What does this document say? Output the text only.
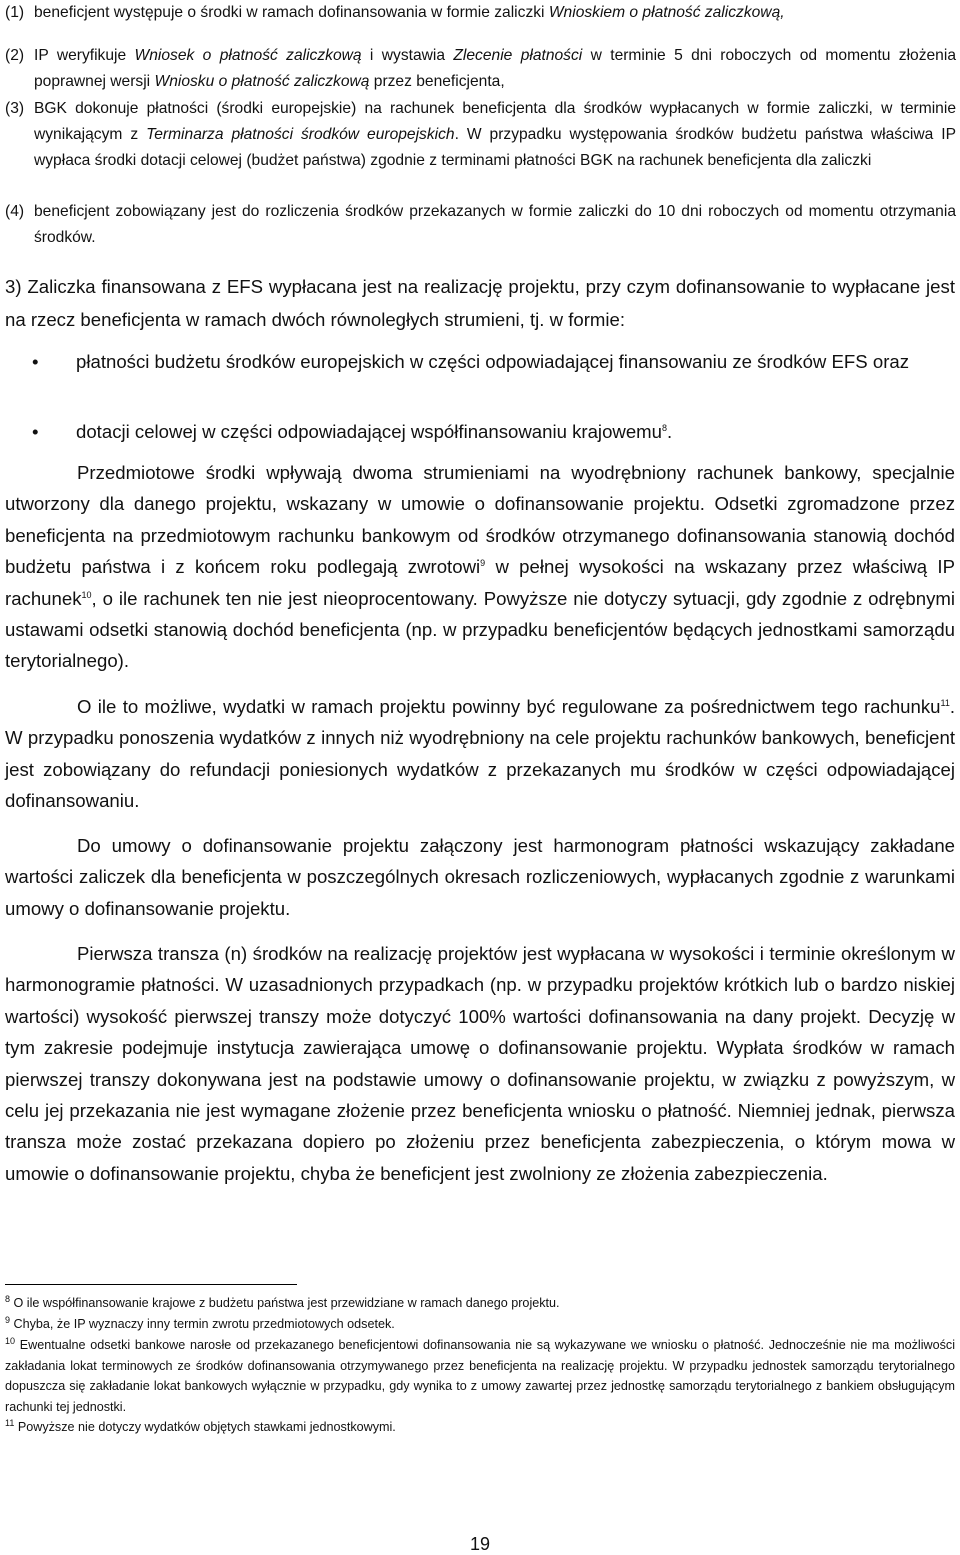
(1) beneficjent występuje o środki w ramach dofinansowania w formie zaliczki Wnioskiem o płatność zaliczkową,
(2) IP weryfikuje Wniosek o płatność zaliczkową i wystawia Zlecenie płatności w terminie 5 dni roboczych od momentu złożenia poprawnej wersji Wniosku o płatność zaliczkową przez beneficjenta,
(3) BGK dokonuje płatności (środki europejskie) na rachunek beneficjenta dla środków wypłacanych w formie zaliczki, w terminie wynikającym z Terminarza płatności środków europejskich. W przypadku występowania środków budżetu państwa właściwa IP wypłaca środki dotacji celowej (budżet państwa) zgodnie z terminami płatności BGK na rachunek beneficjenta dla zaliczki
(4) beneficjent zobowiązany jest do rozliczenia środków przekazanych w formie zaliczki do 10 dni roboczych od momentu otrzymania środków.
3) Zaliczka finansowana z EFS wypłacana jest na realizację projektu, przy czym dofinansowanie to wypłacane jest na rzecz beneficjenta w ramach dwóch równoległych strumieni, tj. w formie:
• płatności budżetu środków europejskich w części odpowiadającej finansowaniu ze środków EFS oraz
• dotacji celowej w części odpowiadającej współfinansowaniu krajowemu$^8$.
Przedmiotowe środki wpływają dwoma strumieniami na wyodrębniony rachunek bankowy, specjalnie utworzony dla danego projektu, wskazany w umowie o dofinansowanie projektu. Odsetki zgromadzone przez beneficjenta na przedmiotowym rachunku bankowym od środków otrzymanego dofinansowania stanowią dochód budżetu państwa i z końcem roku podlegają zwrotowi$^9$ w pełnej wysokości na wskazany przez właściwą IP rachunek$^{10}$, o ile rachunek ten nie jest nieoprocentowany. Powyższe nie dotyczy sytuacji, gdy zgodnie z odrębnymi ustawami odsetki stanowią dochód beneficjenta (np. w przypadku beneficjentów będących jednostkami samorządu terytorialnego).
O ile to możliwe, wydatki w ramach projektu powinny być regulowane za pośrednictwem tego rachunku$^{11}$. W przypadku ponoszenia wydatków z innych niż wyodrębniony na cele projektu rachunków bankowych, beneficjent jest zobowiązany do refundacji poniesionych wydatków z przekazanych mu środków w części odpowiadającej dofinansowaniu.
Do umowy o dofinansowanie projektu załączony jest harmonogram płatności wskazujący zakładane wartości zaliczek dla beneficjenta w poszczególnych okresach rozliczeniowych, wypłacanych zgodnie z warunkami umowy o dofinansowanie projektu.
Pierwsza transza (n) środków na realizację projektów jest wypłacana w wysokości i terminie określonym w harmonogramie płatności. W uzasadnionych przypadkach (np. w przypadku projektów krótkich lub o bardzo niskiej wartości) wysokość pierwszej transzy może dotyczyć 100% wartości dofinansowania na dany projekt. Decyzję w tym zakresie podejmuje instytucja zawierająca umowę o dofinansowanie projektu. Wypłata środków w ramach pierwszej transzy dokonywana jest na podstawie umowy o dofinansowanie projektu, w związku z powyższym, w celu jej przekazania nie jest wymagane złożenie przez beneficjenta wniosku o płatność. Niemniej jednak, pierwsza transza może zostać przekazana dopiero po złożeniu przez beneficjenta zabezpieczenia, o którym mowa w umowie o dofinansowanie projektu, chyba że beneficjent jest zwolniony ze złożenia zabezpieczenia.
$^8$ O ile współfinansowanie krajowe z budżetu państwa jest przewidziane w ramach danego projektu.
$^9$ Chyba, że IP wyznaczy inny termin zwrotu przedmiotowych odsetek.
$^{10}$ Ewentualne odsetki bankowe narosłe od przekazanego beneficjentowi dofinansowania nie są wykazywane we wniosku o płatność. Jednocześnie nie ma możliwości zakładania lokat terminowych ze środków dofinansowania otrzymywanego przez beneficjenta na realizację projektu. W przypadku jednostek samorządu terytorialnego dopuszcza się zakładanie lokat bankowych wyłącznie w przypadku, gdy wynika to z umowy zawartej przez jednostkę samorządu terytorialnego z bankiem obsługującym rachunki tej jednostki.
$^{11}$ Powyższe nie dotyczy wydatków objętych stawkami jednostkowymi.
19
